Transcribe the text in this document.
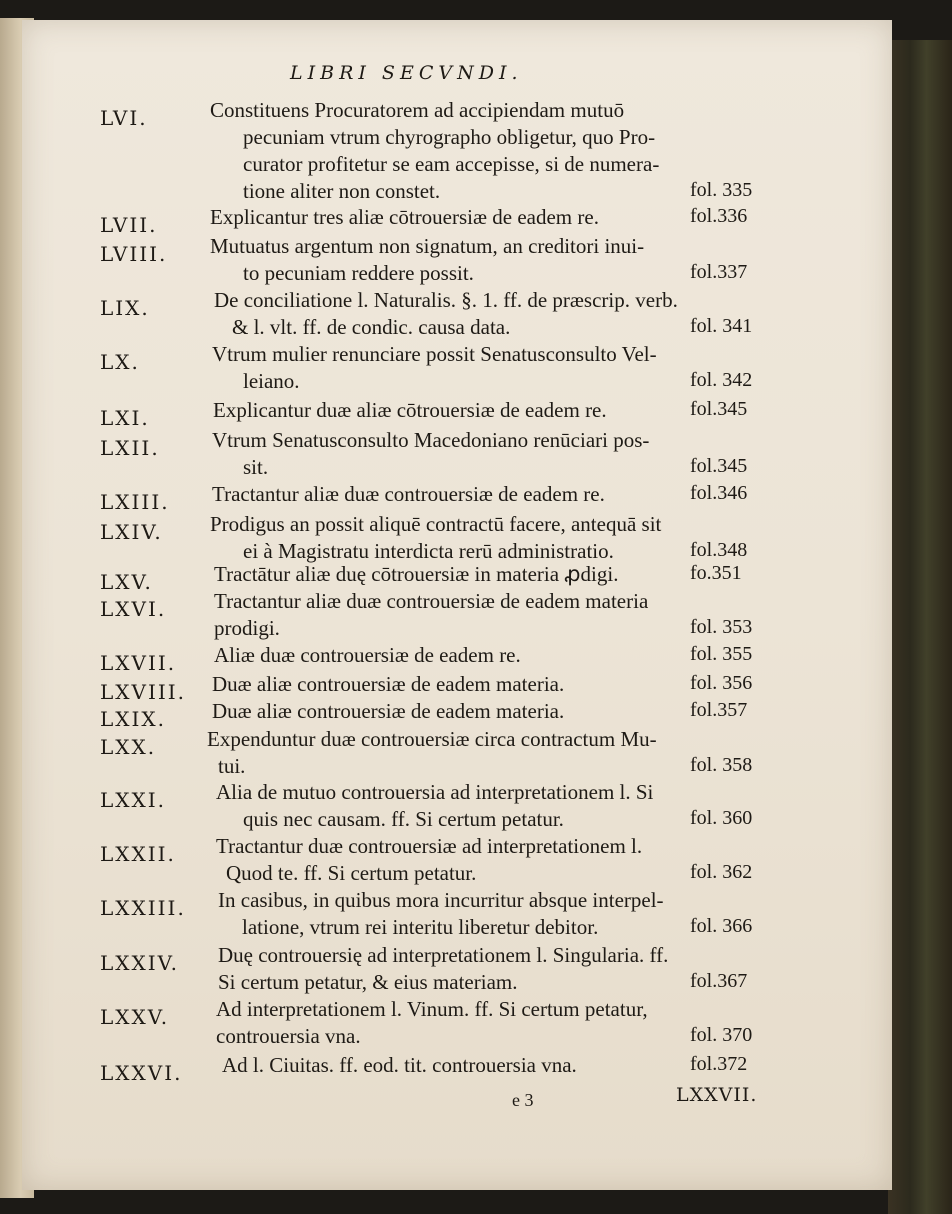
LIBRI SECVNDI.
LVI.	Constituens Procuratorem ad accipiendam mutuō
pecuniam vtrum chyrographo obligetur, quo Pro-
curator profitetur se eam accepisse, si de numera-
tione aliter non constet.	fol. 335
LVII. Explicantur tres aliæ cōtrouersiæ de eadem re.	fol.336
LVIII. Mutuatus argentum non signatum, an creditori inui-
to pecuniam reddere possit.	fol.337
LIX.	De conciliatione l. Naturalis. §. 1. ff. de præscrip. verb.
& l. vlt. ff. de condic. causa data.	fol. 341
LX.	Vtrum mulier renunciare possit Senatusconsulto Vel-
leiano.	fol. 342
LXI.	Explicantur duæ aliæ cōtrouersiæ de eadem re.	fol.345
LXII. Vtrum Senatusconsulto Macedoniano renūciari pos-
sit.	fol.345
LXIII. Tractantur aliæ duæ controuersiæ de eadem re.	fol.346
LXIV. Prodigus an possit aliquē contractū facere, antequā sit
ei à Magistratu interdicta rerū administratio.	fol.348
LXV.	Tractātur aliæ duę cōtrouersiæ in materia ꝓdigi.	fo.351
LXVI. Tractantur aliæ duæ controuersiæ de eadem materia
prodigi.	fol. 353
LXVII. Aliæ duæ controuersiæ de eadem re.	fol. 355
LXVIII. Duæ aliæ controuersiæ de eadem materia.	fol. 356
LXIX. Duæ aliæ controuersiæ de eadem materia.	fol.357
LXX. Expenduntur duæ controuersiæ circa contractum Mu-
tui.	fol. 358
LXXI. Alia de mutuo controuersia ad interpretationem l. Si
quis nec causam. ff. Si certum petatur.	fol. 360
LXXII. Tractantur duæ controuersiæ ad interpretationem l.
Quod te. ff. Si certum petatur.	fol. 362
LXXIII. In casibus, in quibus mora incurritur absque interpel-
latione, vtrum rei interitu liberetur debitor.	fol. 366
LXXIV. Duę controuersię ad interpretationem l. Singularia. ff.
Si certum petatur, & eius materiam.	fol.367
LXXV. Ad interpretationem l. Vinum. ff. Si certum petatur,
controuersia vna.	fol. 370
LXXVI. Ad l. Ciuitas. ff. eod. tit. controuersia vna.	fol.372
e 3	LXXVII.
